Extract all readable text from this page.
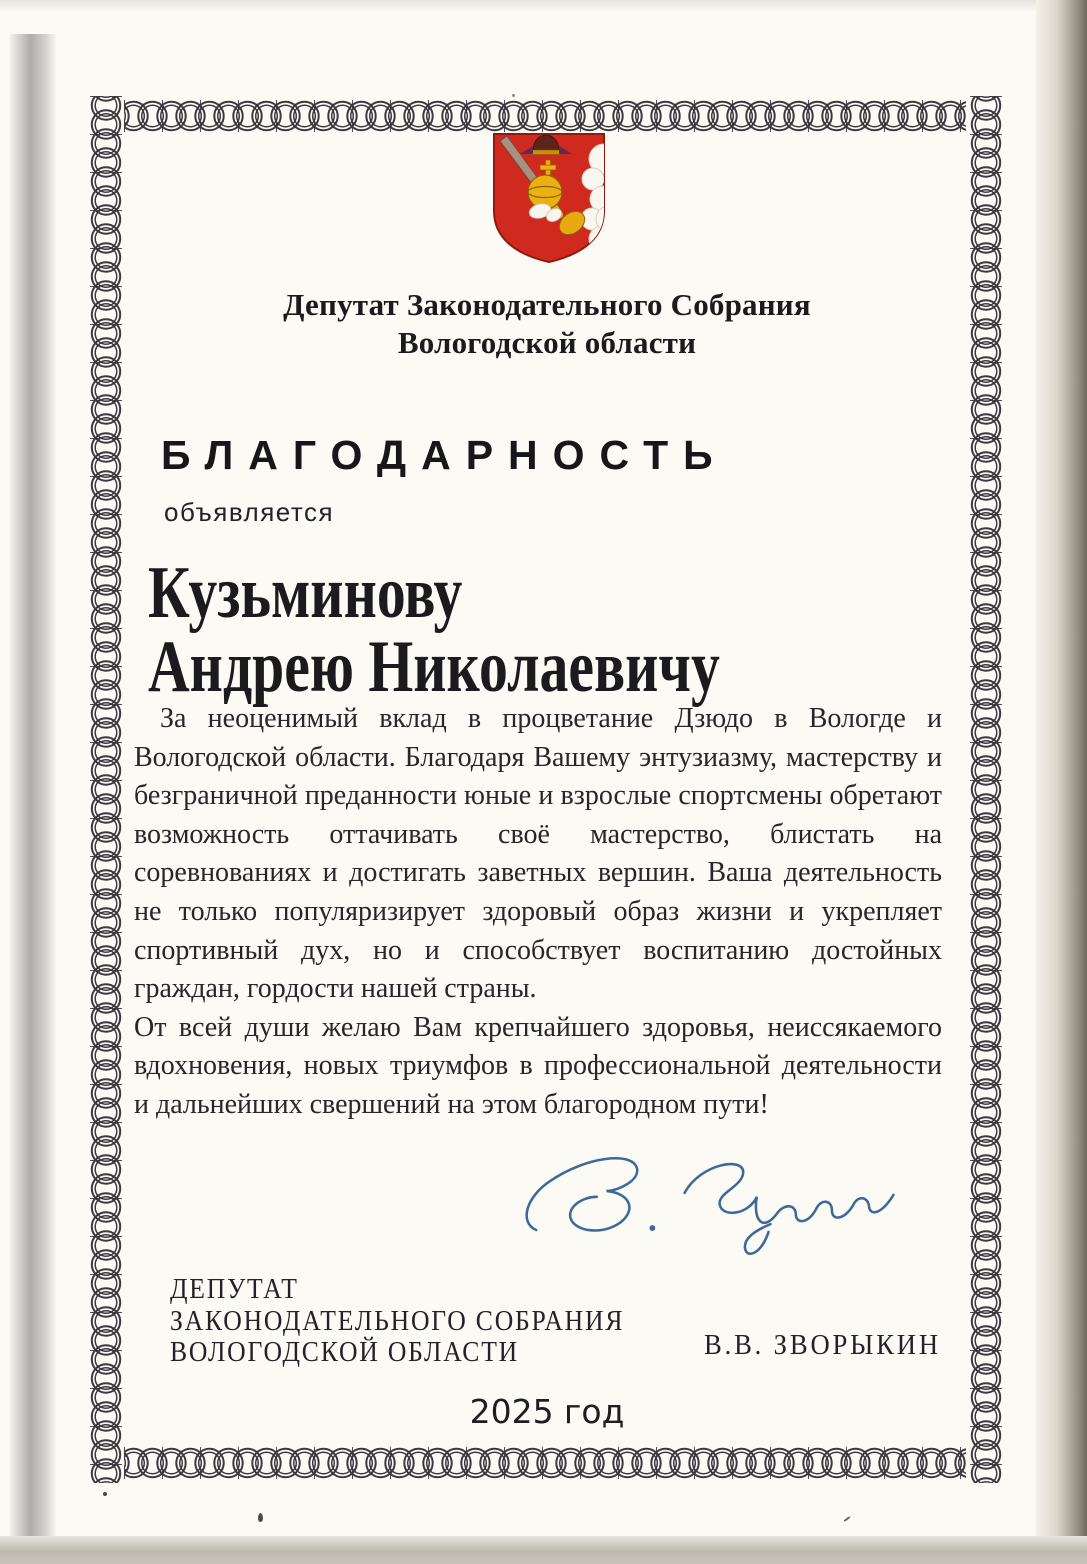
Депутат Законодательного Собрания
Вологодской области
БЛАГОДАРНОСТЬ
объявляется
Кузьминову
Андрею Николаевичу

За неоценимый вклад в процветание Дзюдо в Вологде и Вологодской области. Благодаря Вашему энтузиазму, мастерству и безграничной преданности юные и взрослые спортсмены обретают возможность оттачивать своё мастерство, блистать на соревнованиях и достигать заветных вершин. Ваша деятельность не только популяризирует здоровый образ жизни и укрепляет спортивный дух, но и способствует воспитанию достойных граждан, гордости нашей страны.

От всей души желаю Вам крепчайшего здоровья, неиссякаемого вдохновения, новых триумфов в профессиональной деятельности и дальнейших свершений на этом благородном пути!

ДЕПУТАТ
ЗАКОНОДАТЕЛЬНОГО СОБРАНИЯ
ВОЛОГОДСКОЙ ОБЛАСТИ	В.В. ЗВОРЫКИН
2025 год
